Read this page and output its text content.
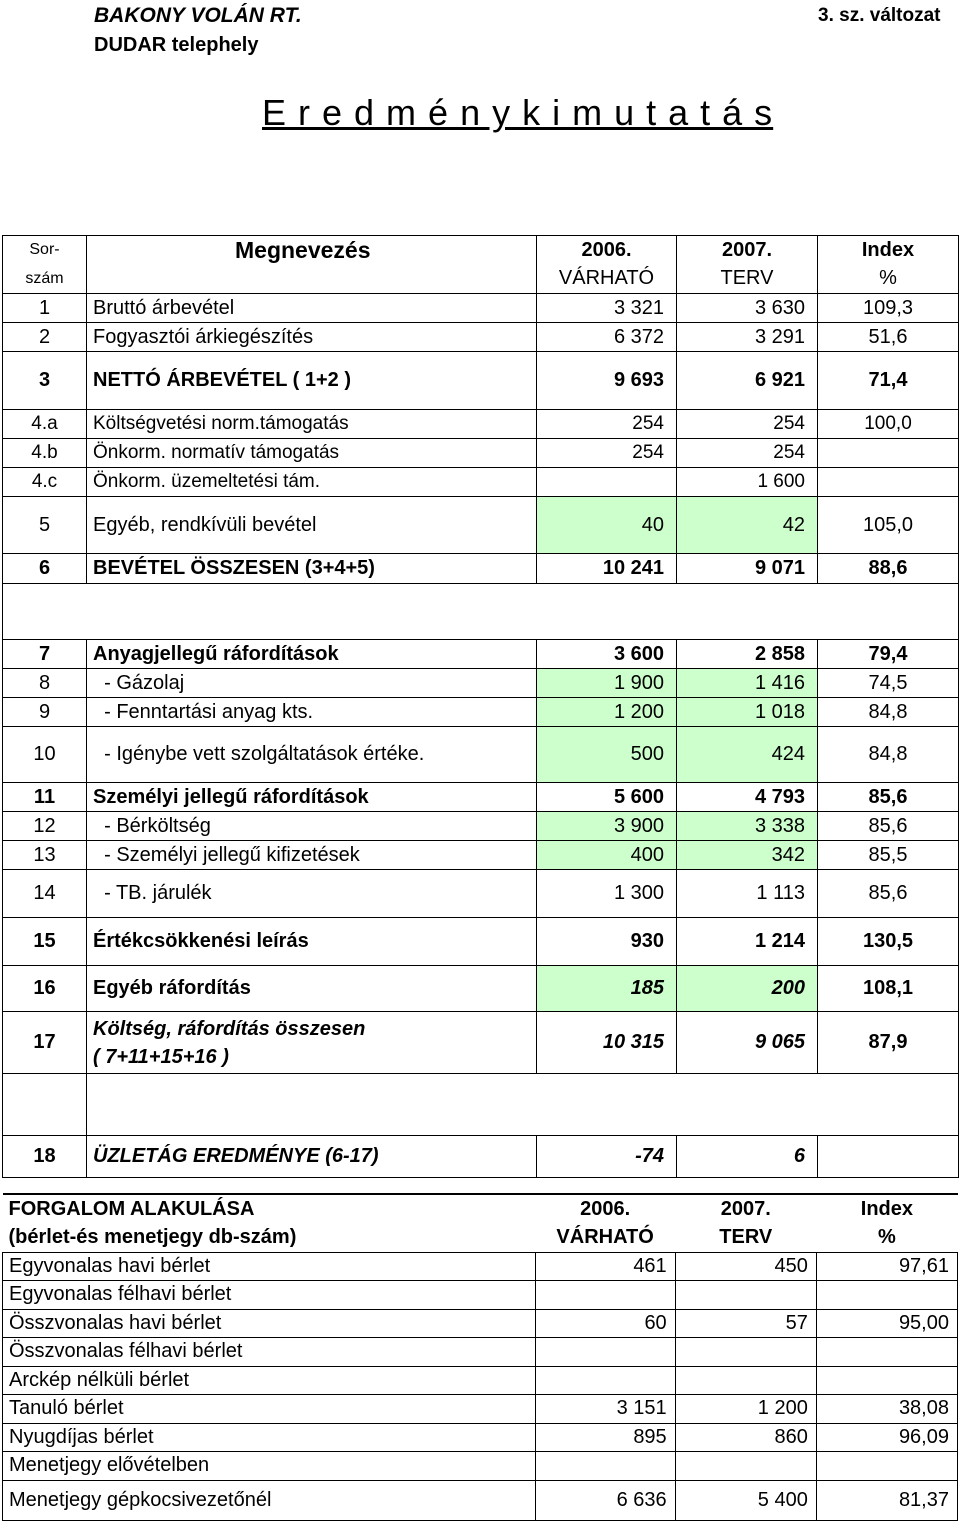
BAKONY VOLÁN RT.
DUDAR telephely
3. sz. változat
E r e d m é n y k i m u t a t á s
Sor-	Megnevezés	2006.	2007.	Index
szám		VÁRHATÓ	TERV	%
1	Bruttó árbevétel	3 321	3 630	109,3
2	Fogyasztói árkiegészítés	6 372	3 291	51,6
3	NETTÓ ÁRBEVÉTEL ( 1+2 )	9 693	6 921	71,4
4.a	Költségvetési norm.támogatás	254	254	100,0
4.b	Önkorm. normatív támogatás	254	254	
4.c	Önkorm. üzemeltetési tám.		1 600	
5	Egyéb, rendkívüli bevétel	40	42	105,0
6	BEVÉTEL ÖSSZESEN (3+4+5)	10 241	9 071	88,6

7	Anyagjellegű ráfordítások	3 600	2 858	79,4
8	- Gázolaj	1 900	1 416	74,5
9	- Fenntartási anyag kts.	1 200	1 018	84,8
10	- Igénybe vett szolgáltatások értéke.	500	424	84,8
11	Személyi jellegű ráfordítások	5 600	4 793	85,6
12	- Bérköltség	3 900	3 338	85,6
13	- Személyi jellegű kifizetések	400	342	85,5
14	- TB. járulék	1 300	1 113	85,6
15	Értékcsökkenési leírás	930	1 214	130,5
16	Egyéb ráfordítás	185	200	108,1
17	Költség, ráfordítás összesen
( 7+11+15+16 )	10 315	9 065	87,9

18	ÜZLETÁG EREDMÉNYE (6-17)	-74	6	
FORGALOM ALAKULÁSA	2006.	2007.	Index
(bérlet-és menetjegy db-szám)	VÁRHATÓ	TERV	%
Egyvonalas havi bérlet	461	450	97,61
Egyvonalas félhavi bérlet			
Összvonalas havi bérlet	60	57	95,00
Összvonalas félhavi bérlet			
Arckép nélküli bérlet			
Tanuló bérlet	3 151	1 200	38,08
Nyugdíjas bérlet	895	860	96,09
Menetjegy elővételben			
Menetjegy gépkocsivezetőnél	6 636	5 400	81,37
